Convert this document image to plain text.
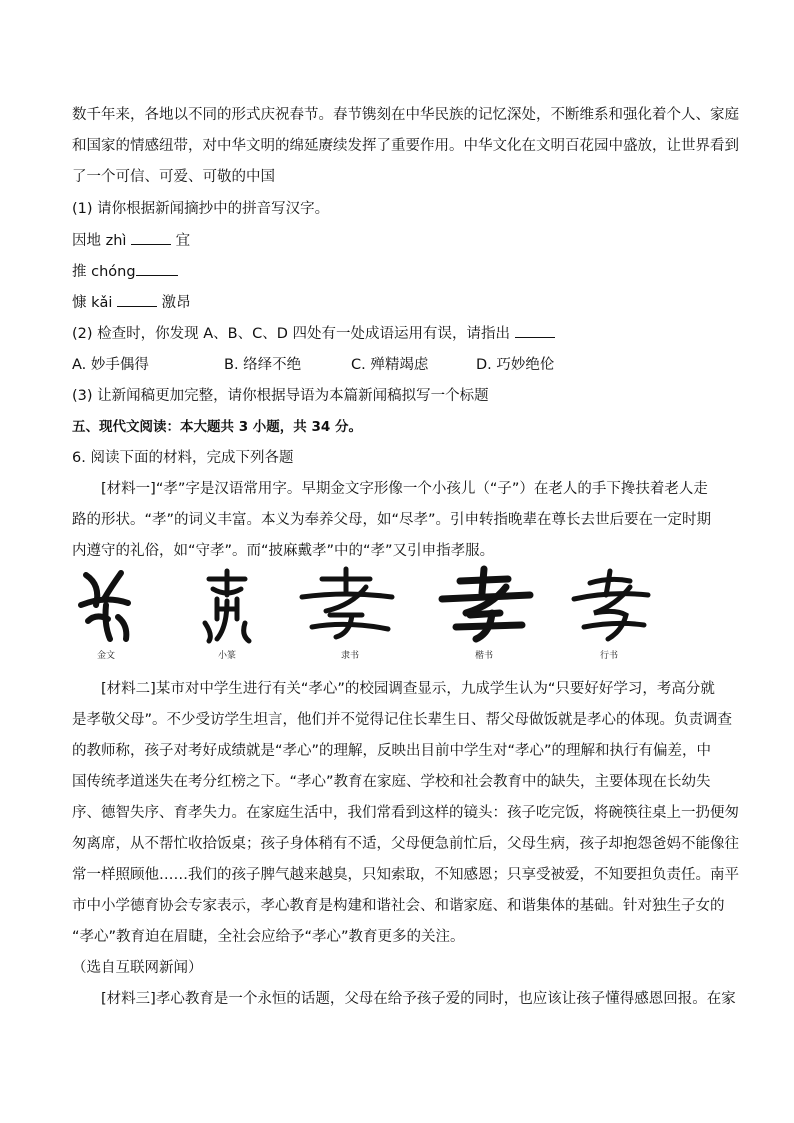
数千年来，各地以不同的形式庆祝春节。春节镌刻在中华民族的记忆深处，不断维系和强化着个人、家庭
和国家的情感纽带，对中华文明的绵延赓续发挥了重要作用。中华文化在文明百花园中盛放，让世界看到
了一个可信、可爱、可敬的中国
(1) 请你根据新闻摘抄中的拼音写汉字。
因地 zhì	宜
推 chóng
慷 kǎi	激昂
(2) 检查时，你发现 A、B、C、D 四处有一处成语运用有误，请指出
A. 妙手偶得	B. 络绎不绝	C. 殚精竭虑	D. 巧妙绝伦
(3) 让新闻稿更加完整，请你根据导语为本篇新闻稿拟写一个标题
五、现代文阅读：本大题共 3 小题，共 34 分。
6. 阅读下面的材料，完成下列各题
[材料一]“孝”字是汉语常用字。早期金文字形像一个小孩儿（“子”）在老人的手下搀扶着老人走
路的形状。“孝”的词义丰富。本义为奉养父母，如“尽孝”。引申转指晚辈在尊长去世后要在一定时期
内遵守的礼俗，如“守孝”。而“披麻戴孝”中的“孝”又引申指孝服。
金文	小篆	隶书	楷书	行书
[材料二]某市对中学生进行有关“孝心”的校园调查显示，九成学生认为“只要好好学习，考高分就
是孝敬父母”。不少受访学生坦言，他们并不觉得记住长辈生日、帮父母做饭就是孝心的体现。负责调查
的教师称，孩子对考好成绩就是“孝心”的理解，反映出目前中学生对“孝心”的理解和执行有偏差，中
国传统孝道迷失在考分红榜之下。“孝心”教育在家庭、学校和社会教育中的缺失，主要体现在长幼失
序、德智失序、育孝失力。在家庭生活中，我们常看到这样的镜头：孩子吃完饭，将碗筷往桌上一扔便匆
匆离席，从不帮忙收拾饭桌；孩子身体稍有不适，父母便急前忙后，父母生病，孩子却抱怨爸妈不能像往
常一样照顾他……我们的孩子脾气越来越臭，只知索取，不知感恩；只享受被爱，不知要担负责任。南平
市中小学德育协会专家表示，孝心教育是构建和谐社会、和谐家庭、和谐集体的基础。针对独生子女的
“孝心”教育迫在眉睫，全社会应给予“孝心”教育更多的关注。
（选自互联网新闻）
[材料三]孝心教育是一个永恒的话题，父母在给予孩子爱的同时，也应该让孩子懂得感恩回报。在家
